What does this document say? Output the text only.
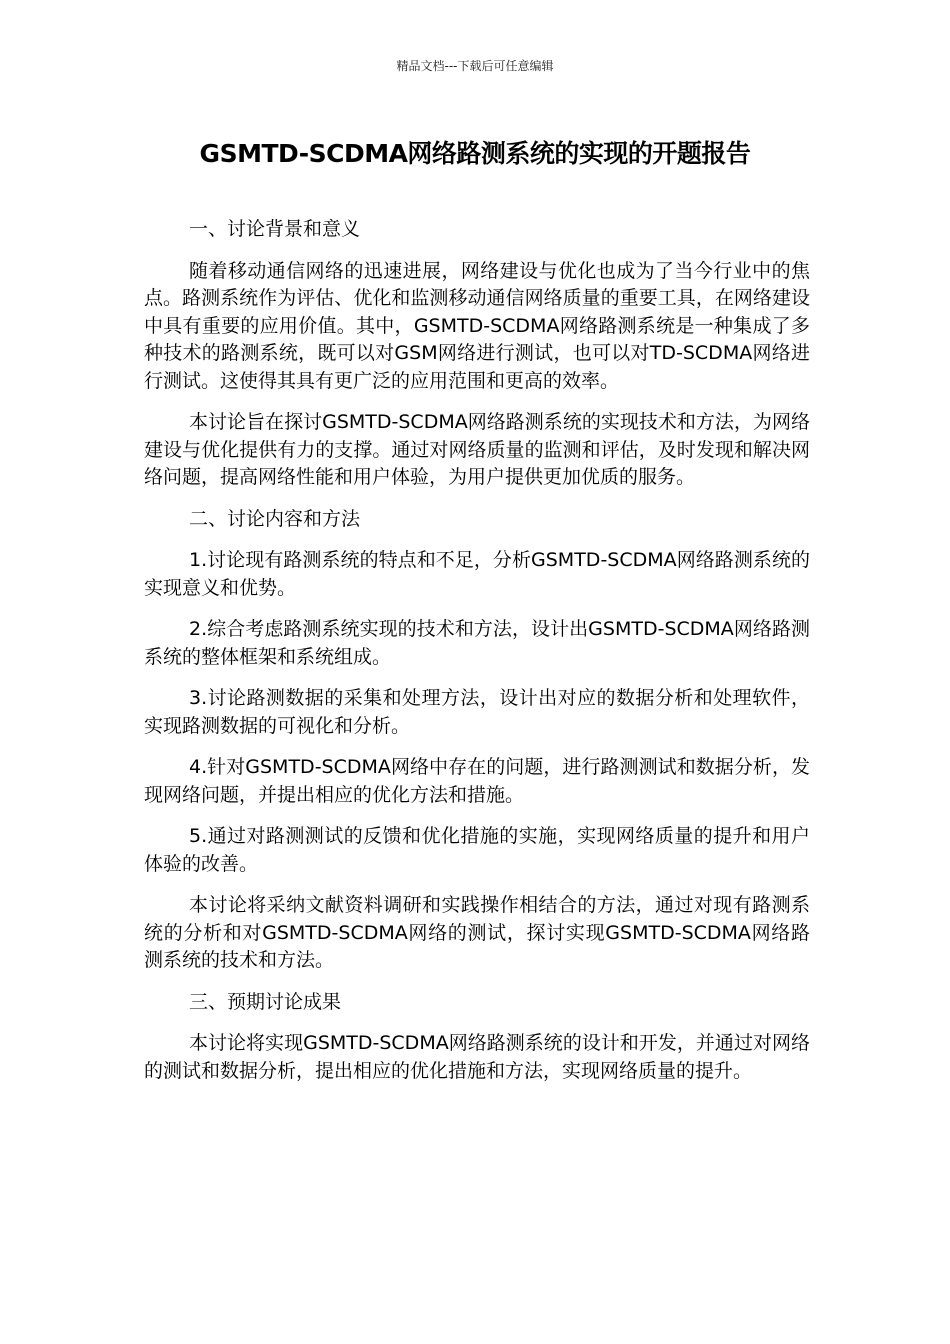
精品文档---下载后可任意编辑
GSMTD-SCDMA网络路测系统的实现的开题报告

一、讨论背景和意义

随着移动通信网络的迅速进展，网络建设与优化也成为了当今行业中的焦点。路测系统作为评估、优化和监测移动通信网络质量的重要工具，在网络建设中具有重要的应用价值。其中，GSMTD-SCDMA网络路测系统是一种集成了多种技术的路测系统，既可以对GSM网络进行测试，也可以对TD-SCDMA网络进行测试。这使得其具有更广泛的应用范围和更高的效率。

本讨论旨在探讨GSMTD-SCDMA网络路测系统的实现技术和方法，为网络建设与优化提供有力的支撑。通过对网络质量的监测和评估，及时发现和解决网络问题，提高网络性能和用户体验，为用户提供更加优质的服务。

二、讨论内容和方法

1.讨论现有路测系统的特点和不足，分析GSMTD-SCDMA网络路测系统的实现意义和优势。

2.综合考虑路测系统实现的技术和方法，设计出GSMTD-SCDMA网络路测系统的整体框架和系统组成。

3.讨论路测数据的采集和处理方法，设计出对应的数据分析和处理软件，实现路测数据的可视化和分析。

4.针对GSMTD-SCDMA网络中存在的问题，进行路测测试和数据分析，发现网络问题，并提出相应的优化方法和措施。

5.通过对路测测试的反馈和优化措施的实施，实现网络质量的提升和用户体验的改善。

本讨论将采纳文献资料调研和实践操作相结合的方法，通过对现有路测系统的分析和对GSMTD-SCDMA网络的测试，探讨实现GSMTD-SCDMA网络路测系统的技术和方法。

三、预期讨论成果

本讨论将实现GSMTD-SCDMA网络路测系统的设计和开发，并通过对网络的测试和数据分析，提出相应的优化措施和方法，实现网络质量的提升。
